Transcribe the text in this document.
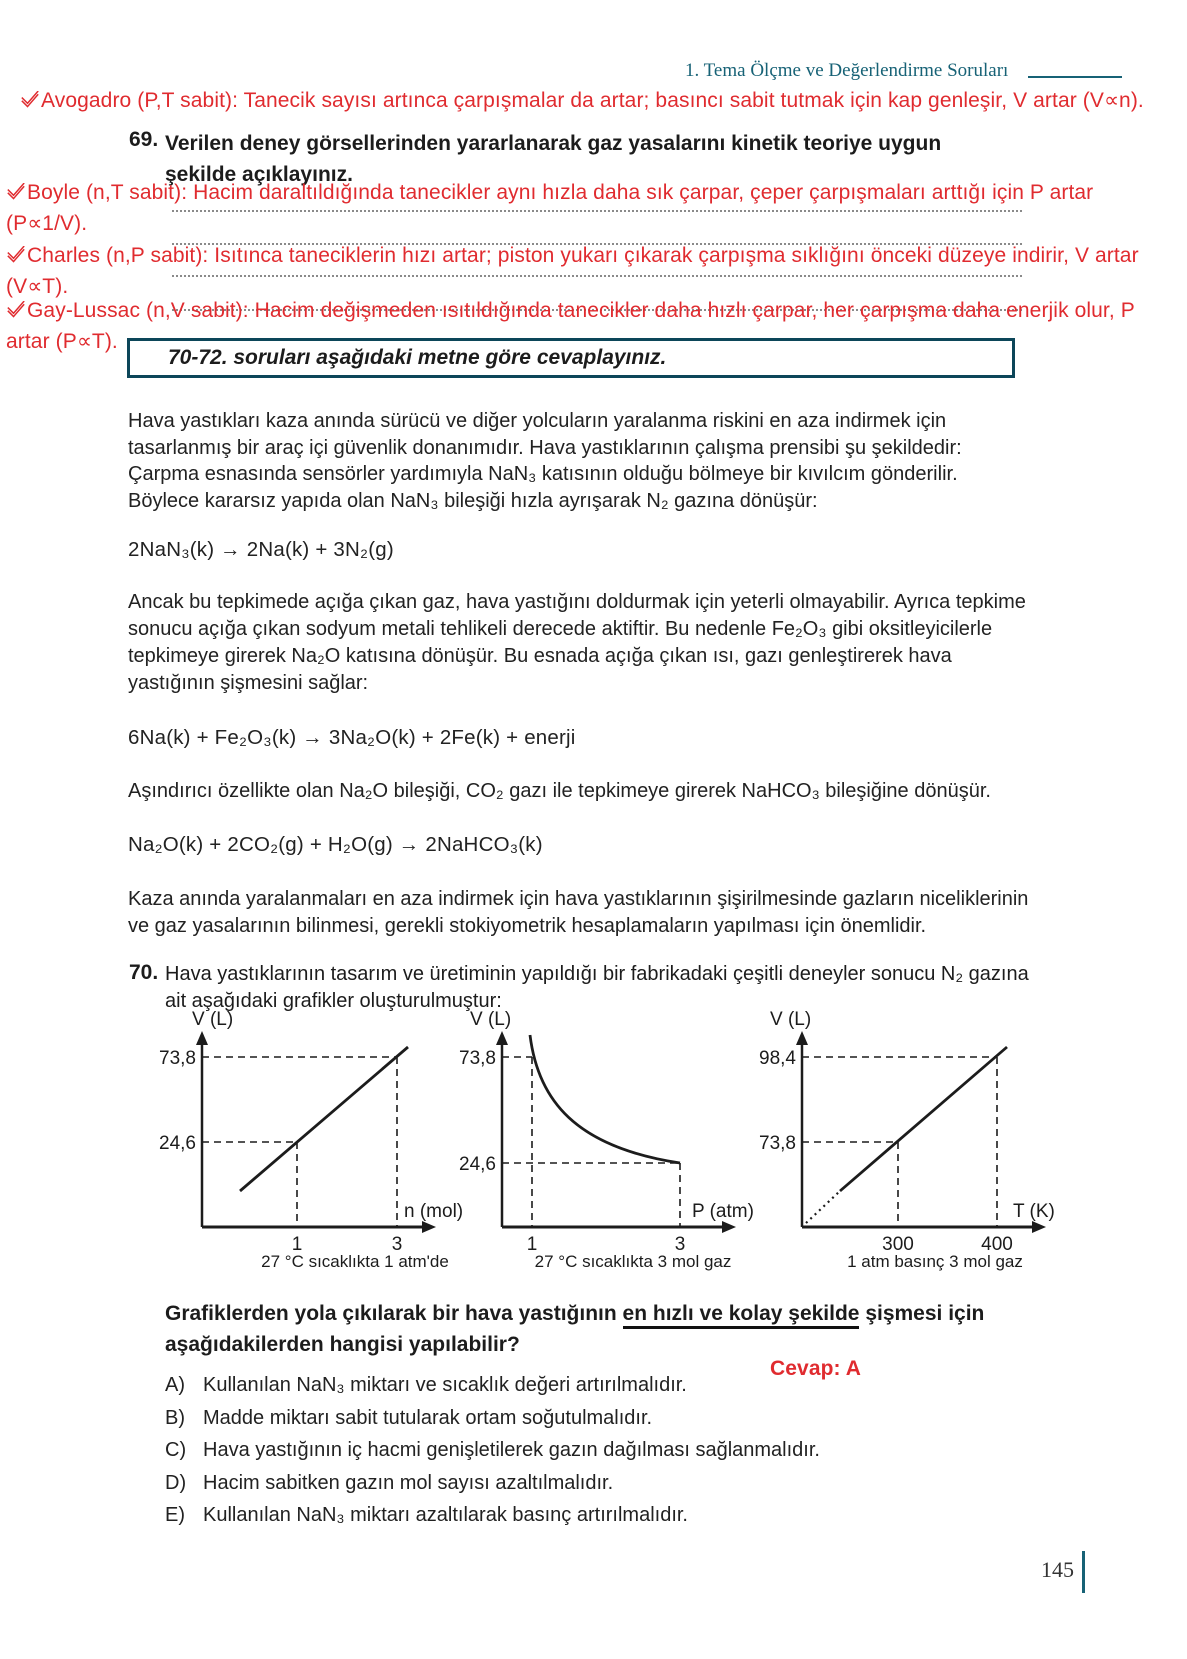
1. Tema Ölçme ve Değerlendirme Soruları
Avogadro (P,T sabit): Tanecik sayısı artınca çarpışmalar da artar; basıncı sabit tutmak için kap genleşir, V artar (V∝n).
69. Verilen deney görsellerinden yararlanarak gaz yasalarını kinetik teoriye uygun şekilde açıklayınız.
Boyle (n,T sabit): Hacim daraltıldığında tanecikler aynı hızla daha sık çarpar, çeper çarpışmaları arttığı için P artar (P∝1/V).
Charles (n,P sabit): Isıtınca taneciklerin hızı artar; piston yukarı çıkarak çarpışma sıklığını önceki düzeye indirir, V artar (V∝T).
Gay-Lussac (n,V sabit): Hacim değişmeden ısıtıldığında tanecikler daha hızlı çarpar, her çarpışma daha enerjik olur, P artar (P∝T).
70-72. soruları aşağıdaki metne göre cevaplayınız.
Hava yastıkları kaza anında sürücü ve diğer yolcuların yaralanma riskini en aza indirmek için tasarlanmış bir araç içi güvenlik donanımıdır. Hava yastıklarının çalışma prensibi şu şekildedir: Çarpma esnasında sensörler yardımıyla NaN₃ katısının olduğu bölmeye bir kıvılcım gönderilir. Böylece kararsız yapıda olan NaN₃ bileşiği hızla ayrışarak N₂ gazına dönüşür:
2NaN₃(k) → 2Na(k) + 3N₂(g)
Ancak bu tepkimede açığa çıkan gaz, hava yastığını doldurmak için yeterli olmayabilir. Ayrıca tepkime sonucu açığa çıkan sodyum metali tehlikeli derecede aktiftir. Bu nedenle Fe₂O₃ gibi oksitleyicilerle tepkimeye girerek Na₂O katısına dönüşür. Bu esnada açığa çıkan ısı, gazı genleştirerek hava yastığının şişmesini sağlar:
6Na(k) + Fe₂O₃(k) → 3Na₂O(k) + 2Fe(k) + enerji
Aşındırıcı özellikte olan Na₂O bileşiği, CO₂ gazı ile tepkimeye girerek NaHCO₃ bileşiğine dönüşür.
Na₂O(k) + 2CO₂(g) + H₂O(g) → 2NaHCO₃(k)
Kaza anında yaralanmaları en aza indirmek için hava yastıklarının şişirilmesinde gazların niceliklerinin ve gaz yasalarının bilinmesi, gerekli stokiyometrik hesaplamaların yapılması için önemlidir.
70. Hava yastıklarının tasarım ve üretiminin yapıldığı bir fabrikadaki çeşitli deneyler sonucu N₂ gazına ait aşağıdaki grafikler oluşturulmuştur:
V (L)
73,8
24,6
1	3
n (mol)
27 °C sıcaklıkta 1 atm'de
V (L)
73,8
24,6
1	3
P (atm)
27 °C sıcaklıkta 3 mol gaz
V (L)
98,4
73,8
300	400
T (K)
1 atm basınç 3 mol gaz
Grafiklerden yola çıkılarak bir hava yastığının en hızlı ve kolay şekilde şişmesi için aşağıdakilerden hangisi yapılabilir?
Cevap: A
A) Kullanılan NaN₃ miktarı ve sıcaklık değeri artırılmalıdır.
B) Madde miktarı sabit tutularak ortam soğutulmalıdır.
C) Hava yastığının iç hacmi genişletilerek gazın dağılması sağlanmalıdır.
D) Hacim sabitken gazın mol sayısı azaltılmalıdır.
E) Kullanılan NaN₃ miktarı azaltılarak basınç artırılmalıdır.
145
